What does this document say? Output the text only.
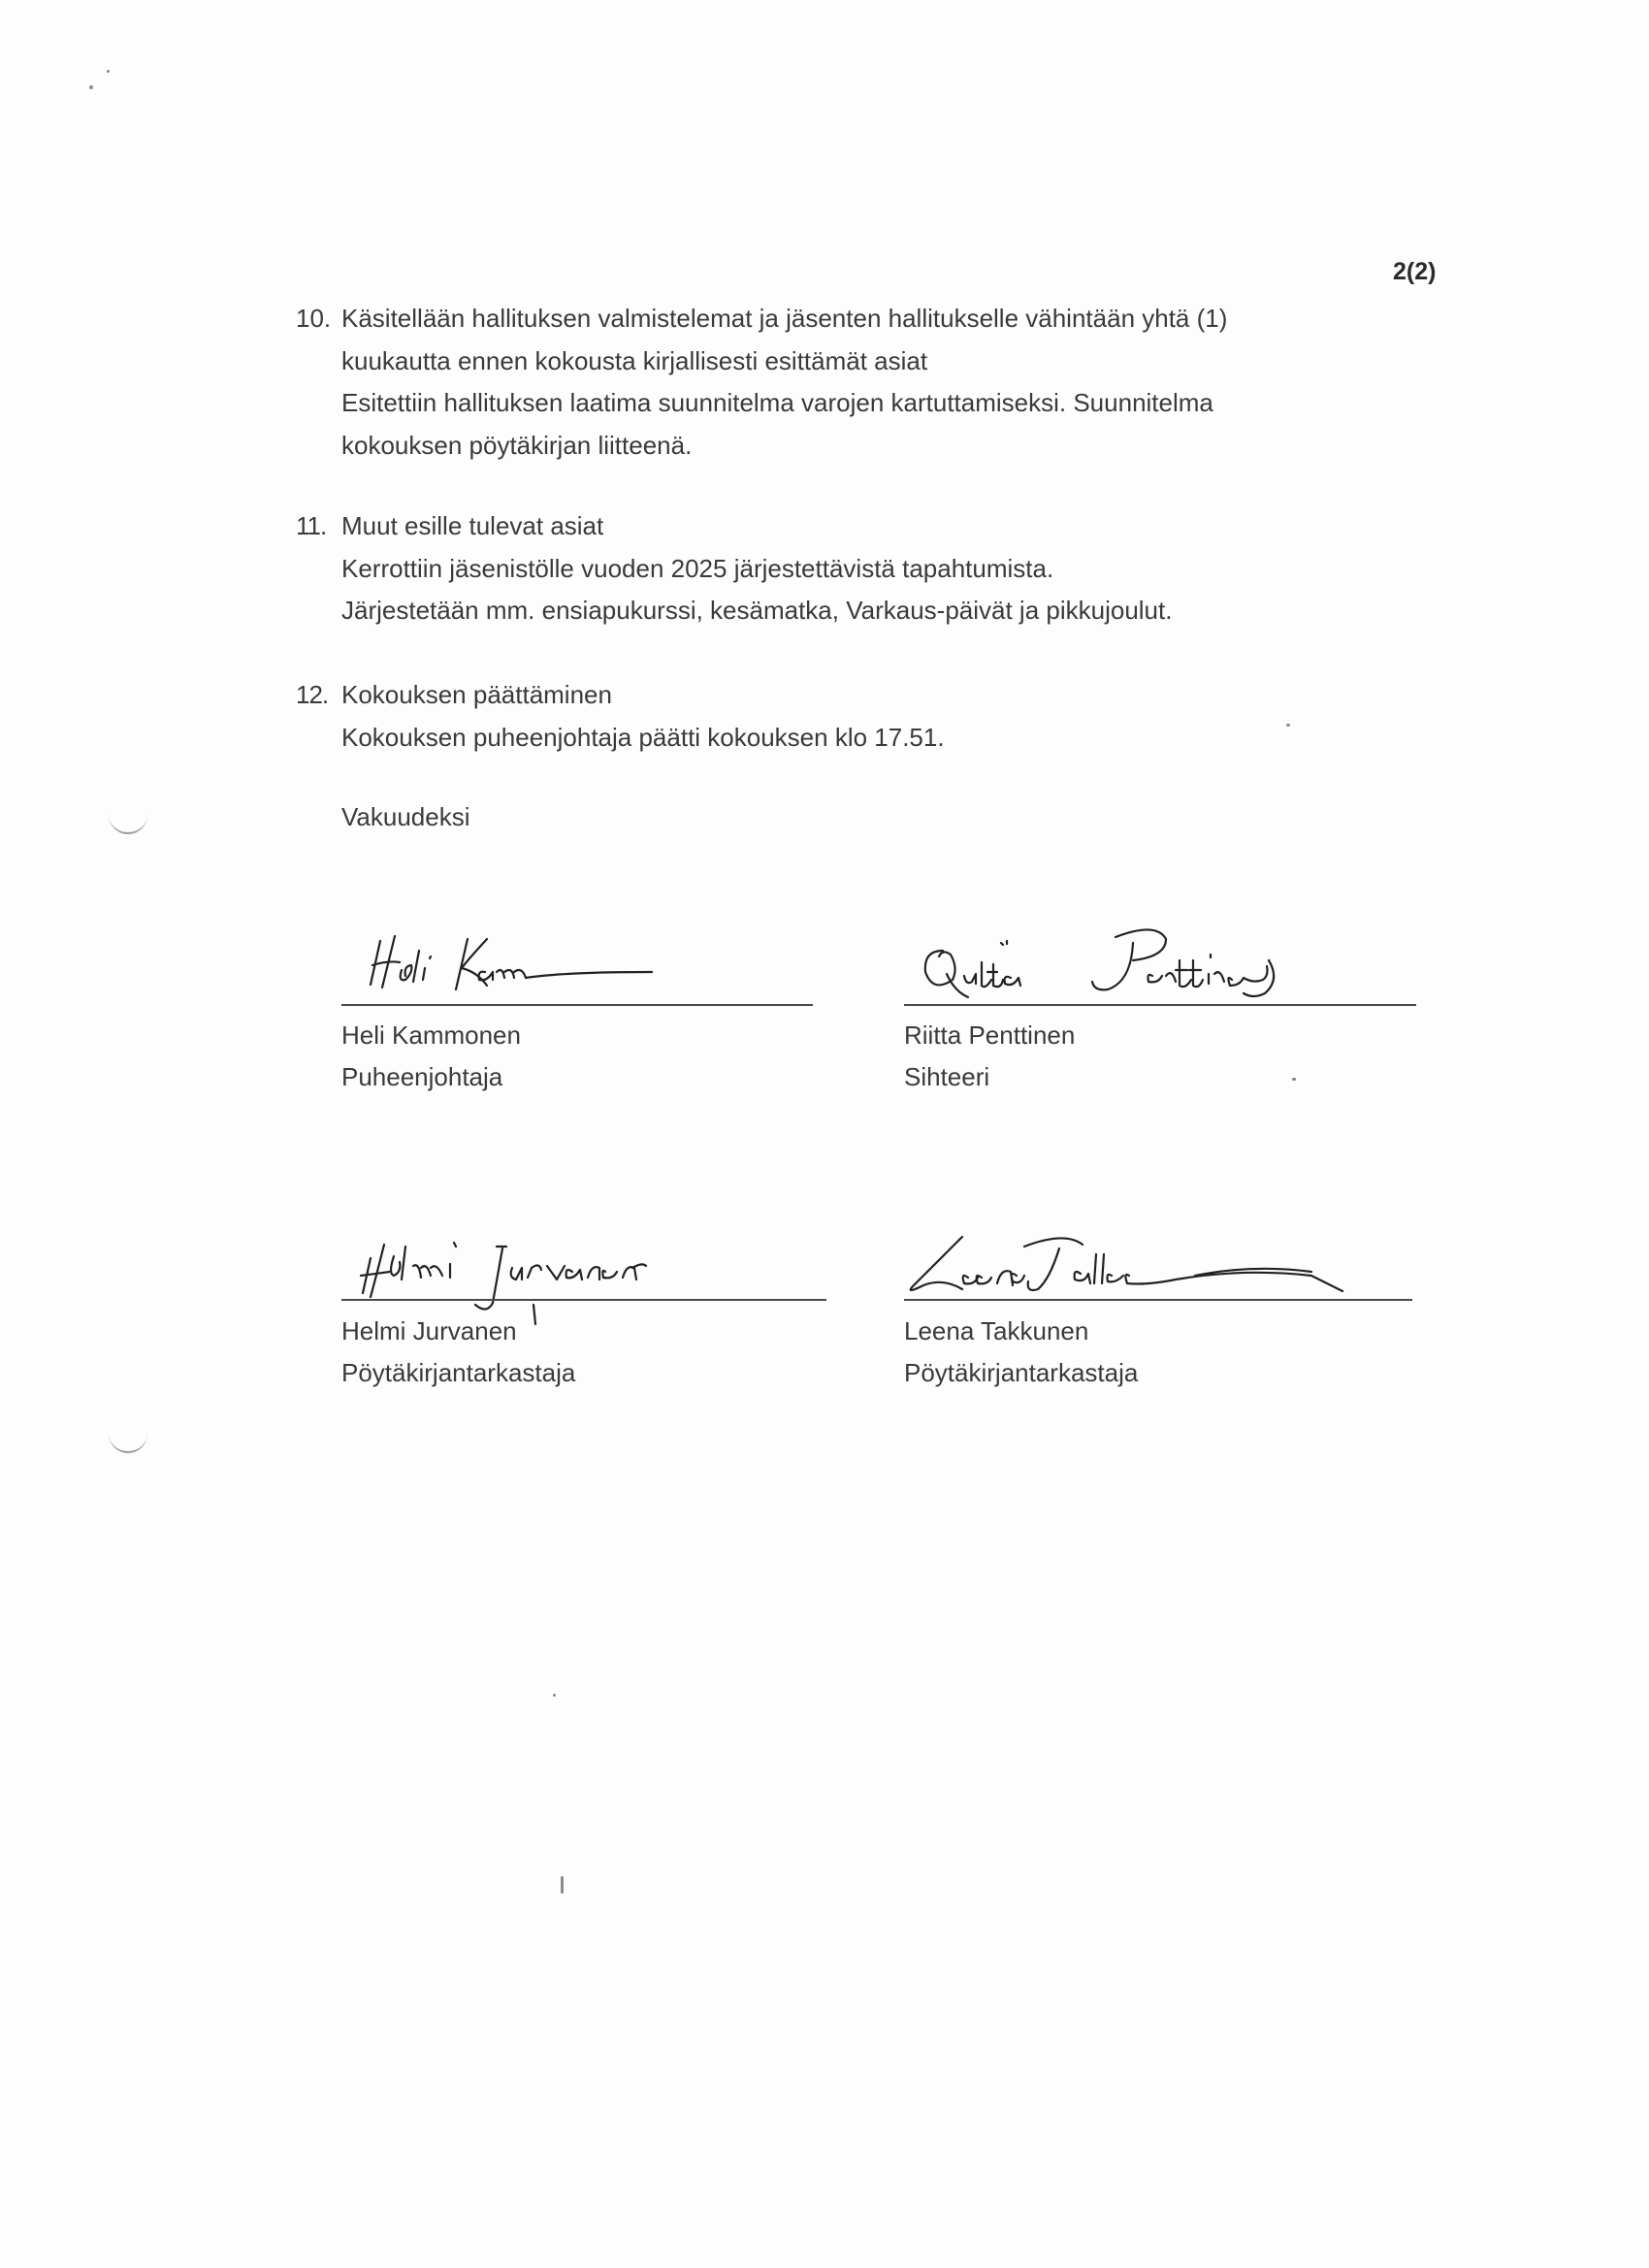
2(2)
10. Käsitellään hallituksen valmistelemat ja jäsenten hallitukselle vähintään yhtä (1)
kuukautta ennen kokousta kirjallisesti esittämät asiat
Esitettiin hallituksen laatima suunnitelma varojen kartuttamiseksi. Suunnitelma
kokouksen pöytäkirjan liitteenä.
11. Muut esille tulevat asiat
Kerrottiin jäsenistölle vuoden 2025 järjestettävistä tapahtumista.
Järjestetään mm. ensiapukurssi, kesämatka, Varkaus-päivät ja pikkujoulut.
12. Kokouksen päättäminen
Kokouksen puheenjohtaja päätti kokouksen klo 17.51.
Vakuudeksi
Heli Kammonen
Puheenjohtaja
Riitta Penttinen
Sihteeri
Helmi Jurvanen
Pöytäkirjantarkastaja
Leena Takkunen
Pöytäkirjantarkastaja
